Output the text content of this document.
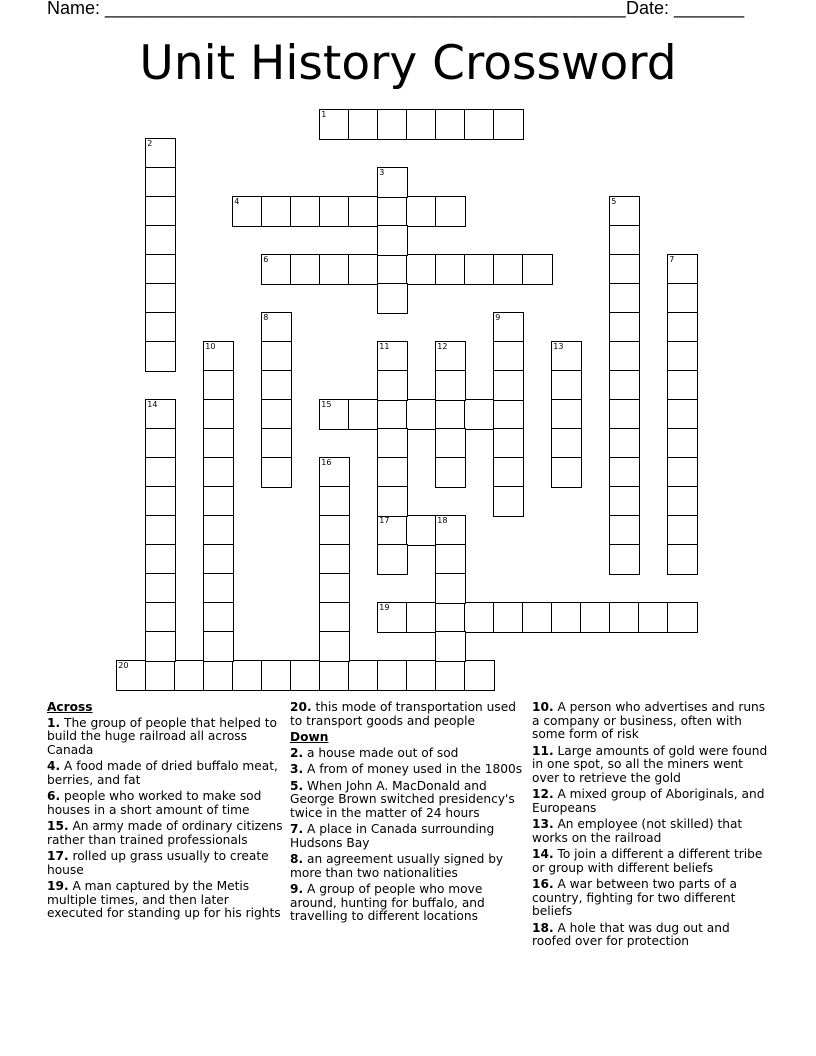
Name: ____________________________________________________ Date: _______
Unit History Crossword
1
4
6
15
17	18
19
20
2
3
5
7
8	9
10	11	12	13
14
16
Across
1. The group of people that helped to build the huge railroad all across Canada
4. A food made of dried buffalo meat, berries, and fat
6. people who worked to make sod houses in a short amount of time
15. An army made of ordinary citizens rather than trained professionals
17. rolled up grass usually to create house
19. A man captured by the Metis multiple times, and then later executed for standing up for his rights
20. this mode of transportation used to transport goods and people
Down
2. a house made out of sod
3. A from of money used in the 1800s
5. When John A. MacDonald and George Brown switched presidency's twice in the matter of 24 hours
7. A place in Canada surrounding Hudsons Bay
8. an agreement usually signed by more than two nationalities
9. A group of people who move around, hunting for buffalo, and travelling to different locations
10. A person who advertises and runs a company or business, often with some form of risk
11. Large amounts of gold were found in one spot, so all the miners went over to retrieve the gold
12. A mixed group of Aboriginals, and Europeans
13. An employee (not skilled) that works on the railroad
14. To join a different a different tribe or group with different beliefs
16. A war between two parts of a country, fighting for two different beliefs
18. A hole that was dug out and roofed over for protection
